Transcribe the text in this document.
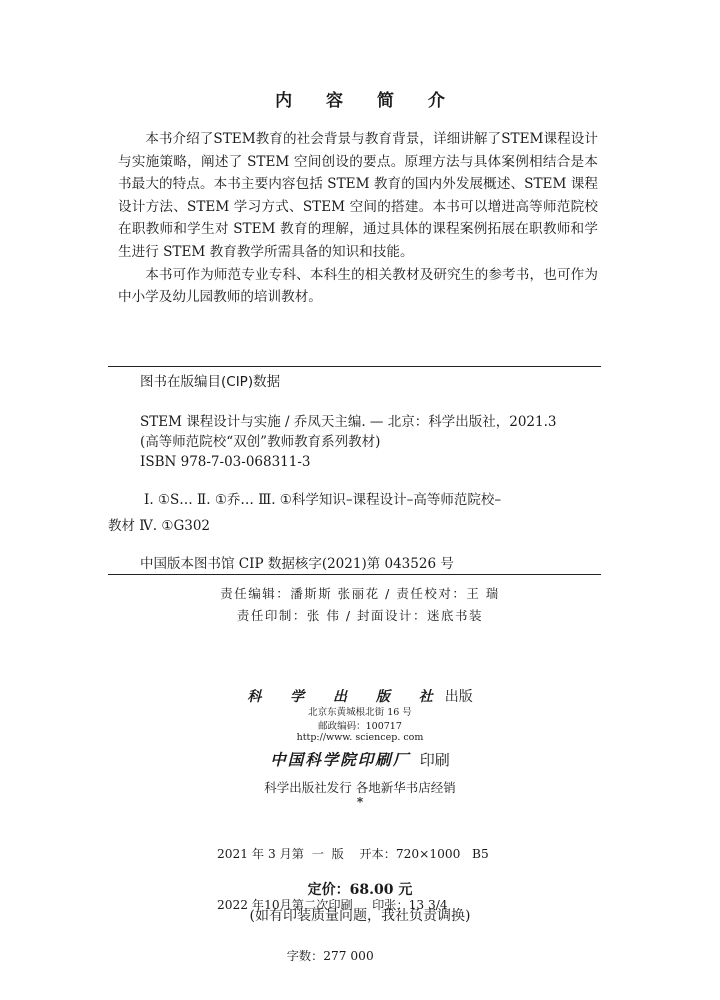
内 容 简 介

本书介绍了STEM教育的社会背景与教育背景，详细讲解了STEM课程设计与实施策略，阐述了 STEM 空间创设的要点。原理方法与具体案例相结合是本书最大的特点。本书主要内容包括 STEM 教育的国内外发展概述、STEM 课程设计方法、STEM 学习方式、STEM 空间的搭建。本书可以增进高等师范院校在职教师和学生对 STEM 教育的理解，通过具体的课程案例拓展在职教师和学生进行 STEM 教育教学所需具备的知识和技能。

本书可作为师范专业专科、本科生的相关教材及研究生的参考书，也可作为中小学及幼儿园教师的培训教材。

图书在版编目(CIP)数据
STEM 课程设计与实施 / 乔凤天主编. — 北京：科学出版社，2021.3
(高等师范院校“双创”教师教育系列教材)
ISBN 978-7-03-068311-3
Ⅰ. ①S… Ⅱ. ①乔… Ⅲ. ①科学知识–课程设计–高等师范院校–
教材 Ⅳ. ①G302
中国版本图书馆 CIP 数据核字(2021)第 043526 号
责任编辑：潘斯斯 张丽花 / 责任校对：王 瑞
责任印制：张 伟 / 封面设计：迷底书装
科 学 出 版 社出版
北京东黄城根北街 16 号
邮政编码：100717
http://www. sciencep. com
中国科学院印刷厂 印刷
科学出版社发行 各地新华书店经销
*

2021 年 3 月第  一  版    开本：720×1000   B5

2022 年10月第二次印刷     印张：13 3/4

字数：277 000

定价：68.00 元
(如有印装质量问题，我社负责调换)
